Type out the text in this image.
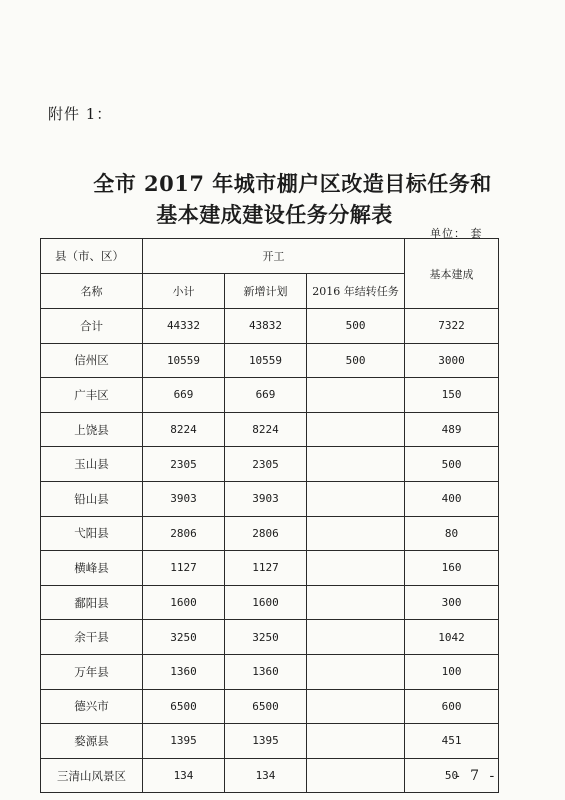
附件 1：
全市 2017 年城市棚户区改造目标任务和
基本建成建设任务分解表
单位： 套
县（市、区）	开工			基本建成
名称	小计	新增计划	2016 年结转任务	
合计	44332	43832	500	7322
信州区	10559	10559	500	3000
广丰区	669	669		150
上饶县	8224	8224		489
玉山县	2305	2305		500
铅山县	3903	3903		400
弋阳县	2806	2806		80
横峰县	1127	1127		160
鄱阳县	1600	1600		300
余干县	3250	3250		1042
万年县	1360	1360		100
德兴市	6500	6500		600
婺源县	1395	1395		451
三清山风景区	134	134		50
- 7 -
